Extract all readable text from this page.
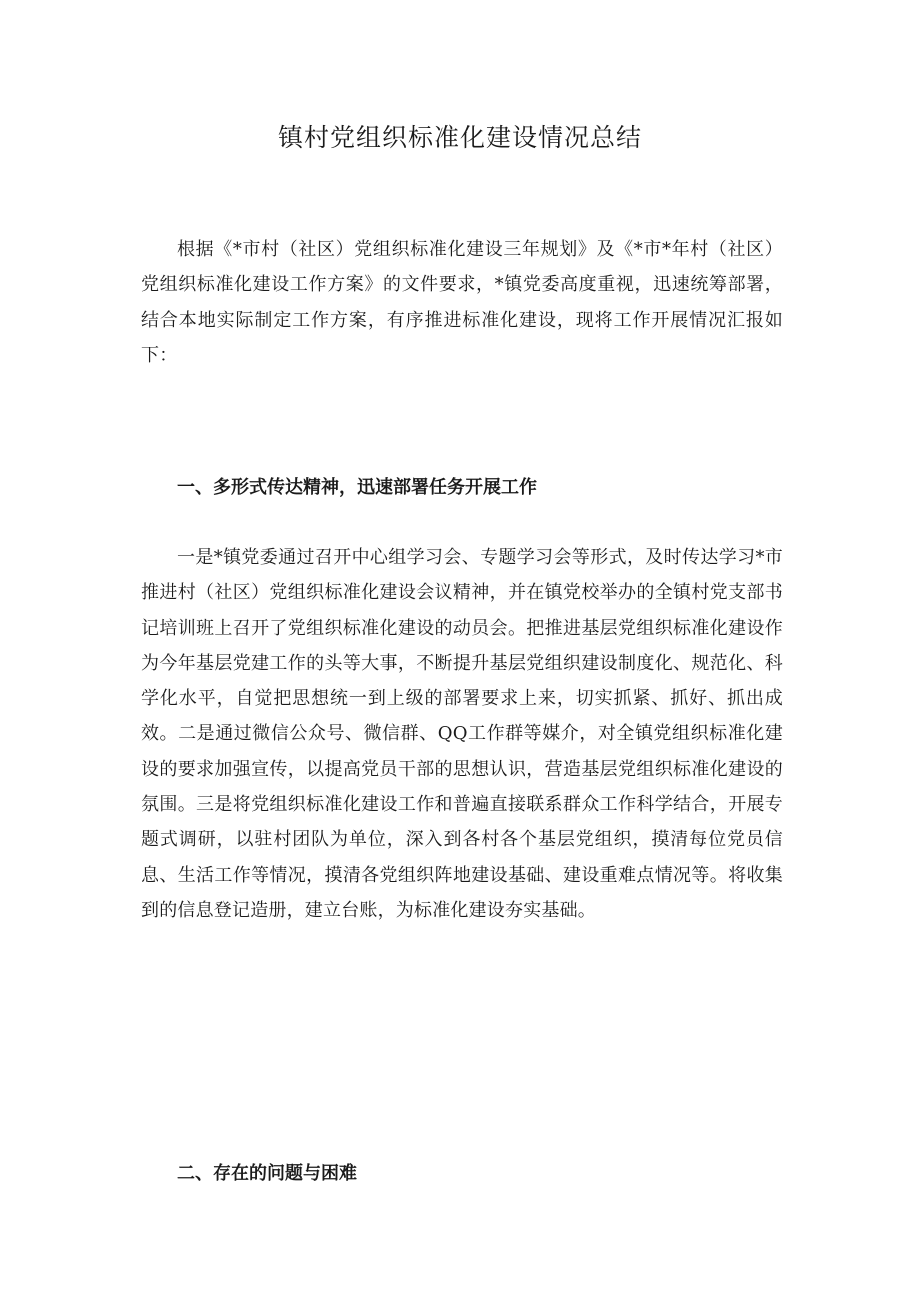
镇村党组织标准化建设情况总结

根据《*市村（社区）党组织标准化建设三年规划》及《*市*年村（社区）党组织标准化建设工作方案》的文件要求，*镇党委高度重视，迅速统筹部署，结合本地实际制定工作方案，有序推进标准化建设，现将工作开展情况汇报如下：

一、多形式传达精神，迅速部署任务开展工作

一是*镇党委通过召开中心组学习会、专题学习会等形式，及时传达学习*市推进村（社区）党组织标准化建设会议精神，并在镇党校举办的全镇村党支部书记培训班上召开了党组织标准化建设的动员会。把推进基层党组织标准化建设作为今年基层党建工作的头等大事，不断提升基层党组织建设制度化、规范化、科学化水平，自觉把思想统一到上级的部署要求上来，切实抓紧、抓好、抓出成效。二是通过微信公众号、微信群、QQ工作群等媒介，对全镇党组织标准化建设的要求加强宣传，以提高党员干部的思想认识，营造基层党组织标准化建设的氛围。三是将党组织标准化建设工作和普遍直接联系群众工作科学结合，开展专题式调研，以驻村团队为单位，深入到各村各个基层党组织，摸清每位党员信息、生活工作等情况，摸清各党组织阵地建设基础、建设重难点情况等。将收集到的信息登记造册，建立台账，为标准化建设夯实基础。

二、存在的问题与困难
